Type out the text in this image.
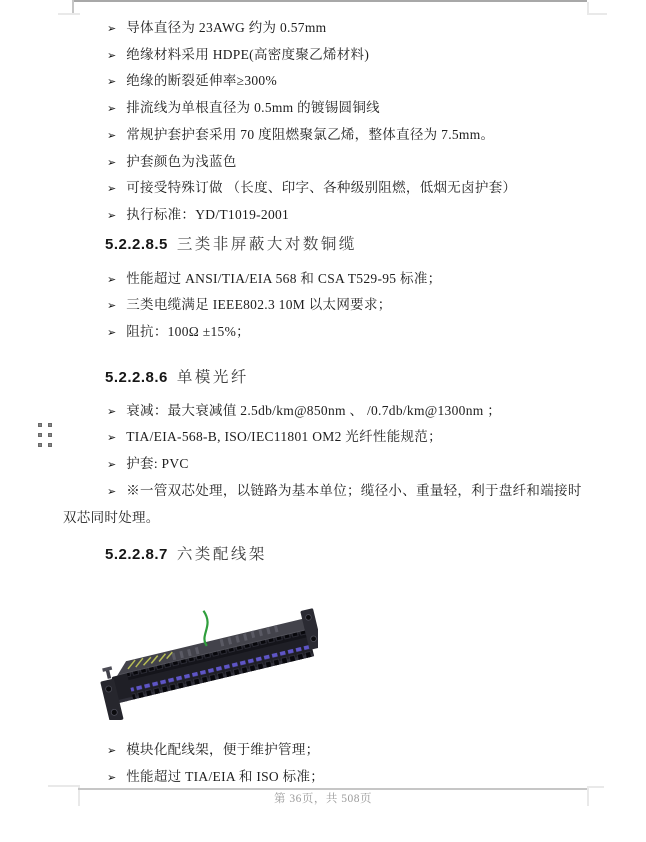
➢ 导体直径为 23AWG 约为 0.57mm
➢ 绝缘材料采用 HDPE(高密度聚乙烯材料)
➢ 绝缘的断裂延伸率≥300%
➢ 排流线为单根直径为 0.5mm 的镀锡圆铜线
➢ 常规护套护套采用 70 度阻燃聚氯乙烯，整体直径为 7.5mm。
➢ 护套颜色为浅蓝色
➢ 可接受特殊订做 （长度、印字、各种级别阻燃，低烟无卤护套）
➢ 执行标准：YD/T1019-2001
5.2.2.8.5 三类非屏蔽大对数铜缆
➢ 性能超过 ANSI/TIA/EIA 568 和 CSA T529-95 标准；
➢ 三类电缆满足 IEEE802.3 10M 以太网要求；
➢ 阻抗：100Ω ±15%；
5.2.2.8.6 单模光纤
➢ 衰减：最大衰减值 2.5db/km@850nm 、 /0.7db/km@1300nm ；
➢ TIA/EIA-568-B, ISO/IEC11801 OM2 光纤性能规范；
➢ 护套: PVC
➢ ※一管双芯处理，以链路为基本单位；缆径小、重量轻，利于盘纤和端接时双芯同时处理。
5.2.2.8.7 六类配线架
➢ 模块化配线架，便于维护管理；
➢ 性能超过 TIA/EIA 和 ISO 标准；
第 36页，共 508页
